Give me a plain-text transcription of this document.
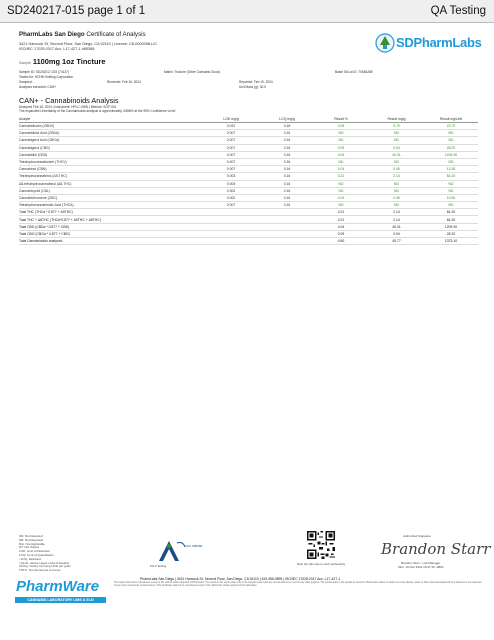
SD240217-015 page 1 of 1	QA Testing
PharmLabs San Diego Certificate of Analysis
3421 Hancock St, Second Floor, San Diego, CA 92110 | License: C8-0000098-LIC
ISO/IEC 17025:2017 Acc. L17-427-1 #85368	SDPharmLabs
Sample 1100mg 1oz Tincture
Sample ID: SD240217-015 (74137)	Matrix: Tincture (Other Cannabis Good)	Batch ID/Lot ID: 70684285
Tested for: HCHB Holding Corporation
Sampled: -	Received: Feb 16, 2024	Reported: Feb 19, 2024
Analyses executed: CAN+	Unit Mass (g): 30.0
CAN+ - Cannabinoids Analysis
Analyzed Feb 18, 2024 | Instrument: HPLC-VWD | Method: SOP-001
The expanded Uncertainty of the Cannabinoids analysis is approximately 4.858% at the 95% Confidence Level
Analyte	LOD mg/g	LOQ mg/g	Result %	Result mg/g	Result mg/Unit
Cannabidivarin (CBDV)	0.031	0.16	0.08	0.79	23.70
Cannabidiolic Acid (CBDA)	0.007	0.16	ND	ND	ND
Cannabigerol Acid (CBGA)	0.007	0.16	ND	ND	ND
Cannabigerol (CBG)	0.007	0.16	0.09	0.94	28.20
Cannabidiol (CBD)	0.007	0.16	4.04	40.31	1209.30
Tetrahydrocannabivarin (THCV)	0.007	0.16	ND	ND	ND
Cannabinol (CBN)	0.007	0.16	0.04	0.45	13.35
Tetrahydrocannabinol (Δ9-THC)	0.003	0.16	0.21	2.14	64.20
Δ8-tetrahydrocannabinol (Δ8-THC)	0.004	0.16	ND	ND	ND
Cannabicyclol (CBL)	0.002	0.16	ND	ND	ND
Cannabichromene (CBC)	0.002	0.16	0.04	0.35	10.50
Tetrahydrocannabinolic Acid (THCA)	0.007	0.16	ND	ND	ND
Total THC (THCa * 0.877 + Δ9THC)			0.21	2.14	64.20
Total THC + Δ8THC (THCa*0.877 + Δ9THC + Δ8THC)			0.21	2.14	64.20
Total CBD (CBDa * 0.877 + CBD)			4.04	40.31	1209.30
Total CBG (CBGa * 0.877 + CBG)			0.09	0.94	28.20
Total Cannabinoids analyzed			4.50	45.77	1373.10
ND: Not Detected
NR: Not Reported
N/A: Not Applicable
NT: Not Tested
LOD: Limit of Detection
LOQ: Limit of Quantitation
<LOQ: Detected
>ULOL: Above Upper Limit of linearity
CFU/g: Colony Forming Units per gram
TNTC: Too Numerous to Count
ACC #85368
PJLA Testing	Scan the QR code to verify authenticity
Authorized Signature
Brandon Starr
Brandon Starr - Lab Manager
Mon, 19 Feb 2024 16:47:16 -0800
PharmWare
CANNABIS LABORATORY LIMS & ELN
PharmLabs San Diego | 3421 Hancock St, Second Floor, San Diego, CA 92110 | 619.356.0899 | ISO/IEC 17025:2017 Acc. L17-427-1
This report shall not be reproduced, except in full, without written approval of PharmLabs. The results in this report relate only to the samples tested and are not intended to be used for any other purpose. The results apply to the sample as received. PharmLabs makes no claims as to the efficacy, safety or other risks associated with any detected or non-detected levels of any compounds reported herein. This Certificate shall not be reproduced except in full, without the written approval of the laboratory.
